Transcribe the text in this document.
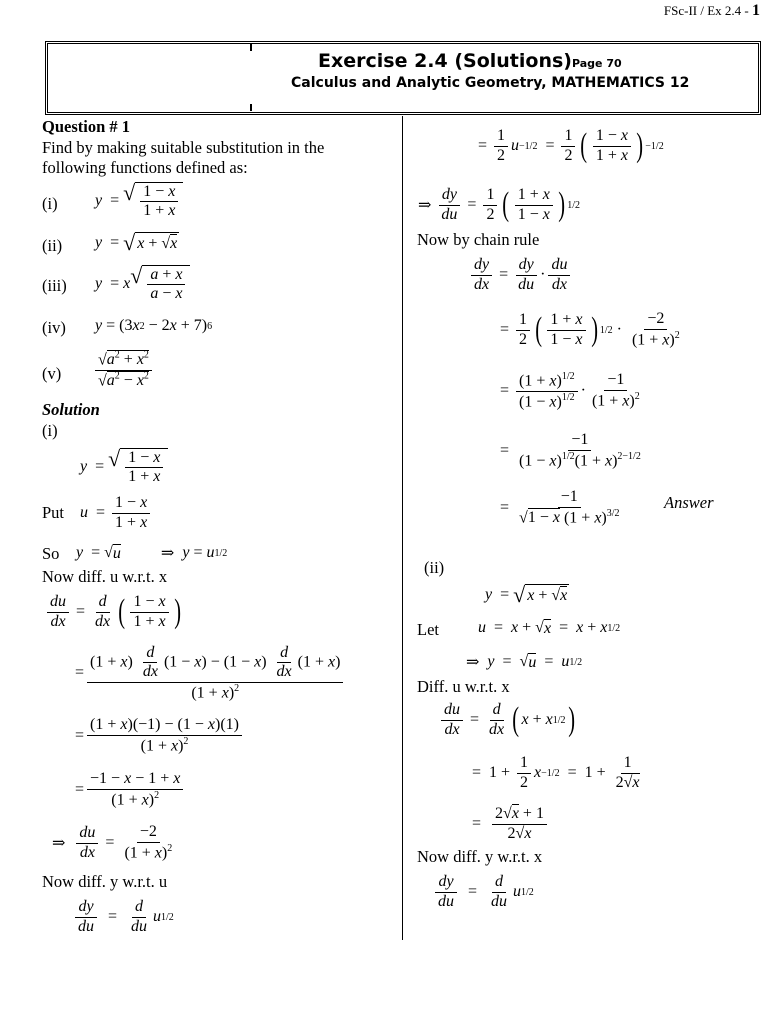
FSc-II / Ex 2.4 - 1
Exercise 2.4 (Solutions)Page 70
Calculus and Analytic Geometry, MATHEMATICS 12
Question # 1
Find by making suitable substitution in the
following functions defined as:
(i) y = √ 1 − x
1 + x
(ii) y = √ x + √ x
(iii) y = x √ a + x
a − x
(iv) y = (3 x 2 − 2 x + 7) 6
(v)
$√a^2 + x^2$
$√a^2 - x^2$
Solution
(i)
y = √ 1 − x
1 + x
Put u =
1 − x
1 + x
So y = √ u ⇒ y = u 1/2
Now diff. u w.r.t. x
du
dx
=
d
dx ( 1 − x
1 + x )
=
$(1 + x) \frac{d}{dx} (1 - x) - (1 - x) \frac{d}{dx} (1 + x)$
$(1 + x)^2$
=
(1 + x)(−1) − (1 − x)(1)
$(1 + x)^2$
=
−1 − x − 1 + x
$(1 + x)^2$
⇒
du
dx
=
−2
$(1 + x)^2$
Now diff. y w.r.t. u
dy
du
=
d
du
u 1/2
=
1
2
u −1/2 =
1
2 ( 1 − x
1 + x ) −1/2
⇒
dy
du
=
1
2 ( 1 + x
1 − x ) 1/2
Now by chain rule
dy
dx
=
dy
du
·
du
dx
=
1
2 ( 1 + x
1 − x ) 1/2 ·
−2
$(1 + x)^2$
=
$(1 + x)^{1/2}$
$(1 - x)^{1/2}$ ·
−1
$(1 + x)^2$
=
−1
$(1 - x)^{1/2}(1 + x)^{2-1/2}$
=
−1
√1 − x $(1 + x)^{3/2}$
Answer
(ii)
y = √ x + √ x
Let u = x + √ x = x + x 1/2
⇒ y =  √ u = u 1/2
Diff. u w.r.t. x
du
dx
=
d
dx ( x + x 1/2 )
=  1 +
1
2
x −1/2 =  1 +
1
2√x
=
2√x + 1
2√x
Now diff. y w.r.t. x
dy
du
=
d
du
u 1/2
